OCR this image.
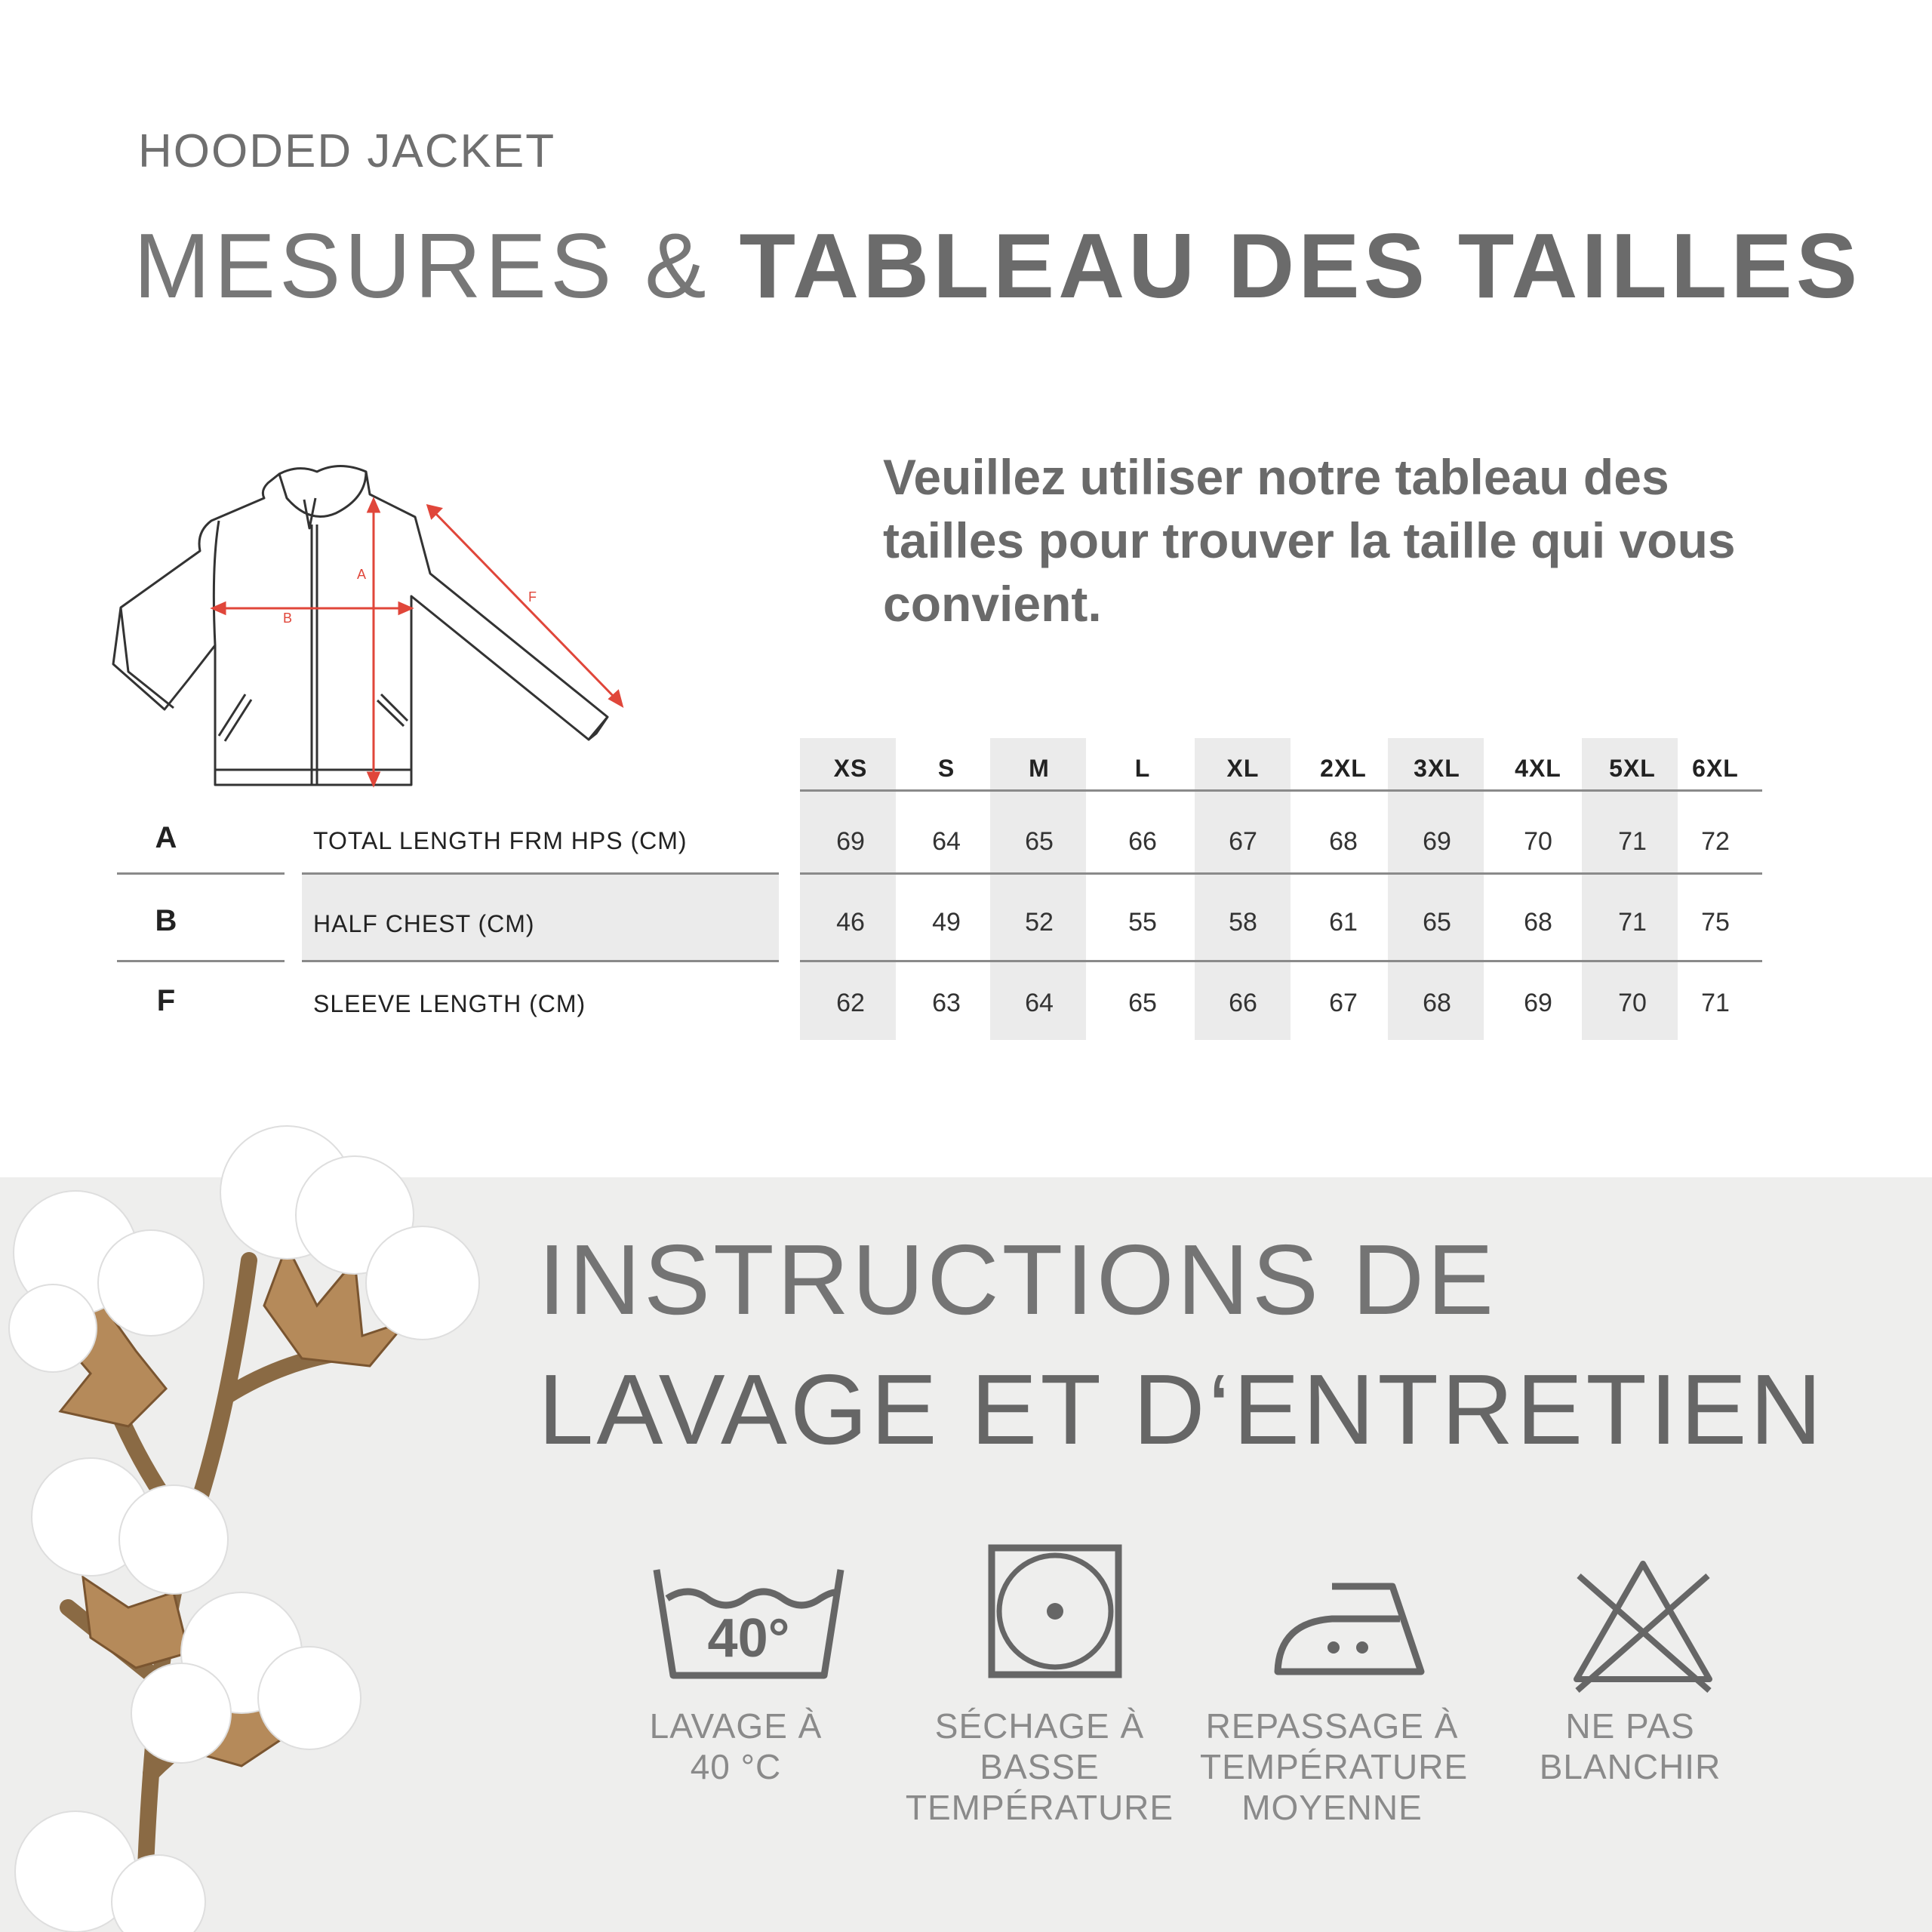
HOODED JACKET
MESURES & TABLEAU DES TAILLES
A
B
F
Veuillez utiliser notre tableau des tailles pour trouver la taille qui vous convient.
XS	S	M	L	XL	2XL	3XL	4XL	5XL	6XL
A	TOTAL LENGTH FRM HPS (CM)	69	64	65	66	67	68	69	70	71	72
B	HALF CHEST (CM)	46	49	52	55	58	61	65	68	71	75
F	SLEEVE LENGTH (CM)	62	63	64	65	66	67	68	69	70	71
INSTRUCTIONS DE
LAVAGE ET D‘ENTRETIEN
40°
LAVAGE À
40 °C
SÉCHAGE À BASSE
TEMPÉRATURE
REPASSAGE À
TEMPÉRATURE
MOYENNE
NE PAS
BLANCHIR
